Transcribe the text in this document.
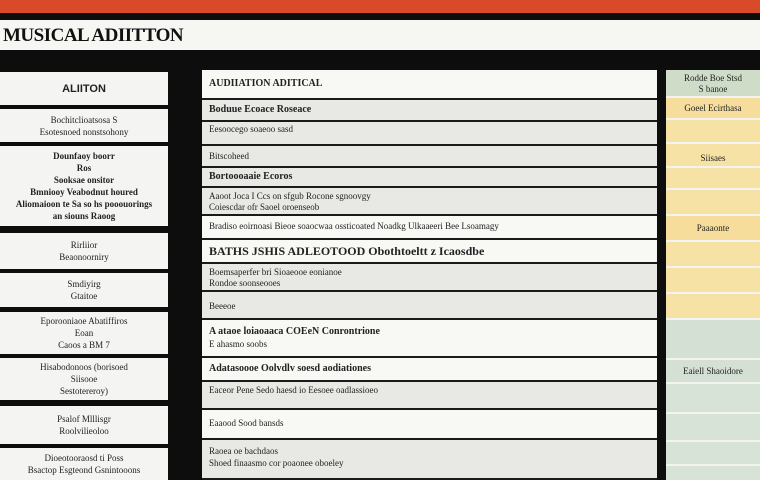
MUSICAL ADIITTON
ALIITON
Bochitclioatsosa S
Esotesnoed nonstsohony
Dounfaoy boorr
Ros
Sooksae onsitor
Bmniooy Veabodnut houred
Aliomaioon te Sa so hs pooouorings
an siouns Raoog
Rirliior
Beaonoorniry
Smdiyirg
Gtaitoe
Eporooniaoe Abatiffiros
Eoan
Caoos a BM 7
Hisabodonoos (borisoed
Siisooe
Sestotereroy)
Psalof Mlllisgr
Roolvilieoloo
Dioeotooraosd ti Poss
Bsactop Esgteond Gsnintooons
AUDIIATION ADITICAL
Boduue Ecoace Roseace
Eesoocego soaeoo sasd
Bitscoheed
Bortoooaaie Ecoros
Aaoot Joca I Ccs on sfgub Rocone sgnoovgy
Coiescdar ofr Saoel oroenseob
Bradiso eoirnoasi Bieoe soaocwaa ossticoated Noadkg Ulkaaeeri Bee Lsoamagy
BATHS JSHIS ADLEOTOOD Obothtoeltt z Icaosdbe
Boemsaperfer bri Sioaeooe eonianoe
Rondoe soonseooes
Beeeoe
A ataoe loiaoaaca COEeN Conrontrione
E ahasmo soobs
Adatasoooe Oolvdlv soesd aodiationes
Eaceor Pene Sedo haesd io Eesoee oadlassioeo
Eaaood Sood bansds
Raoea oe bachdaos
Shoed finaasmo cor poaonee oboeley
Rodde Boe Stsd
S banoe
Goeel Ecirthasa
Siisaes
Paaaonte
Eaiell Shaoidore
